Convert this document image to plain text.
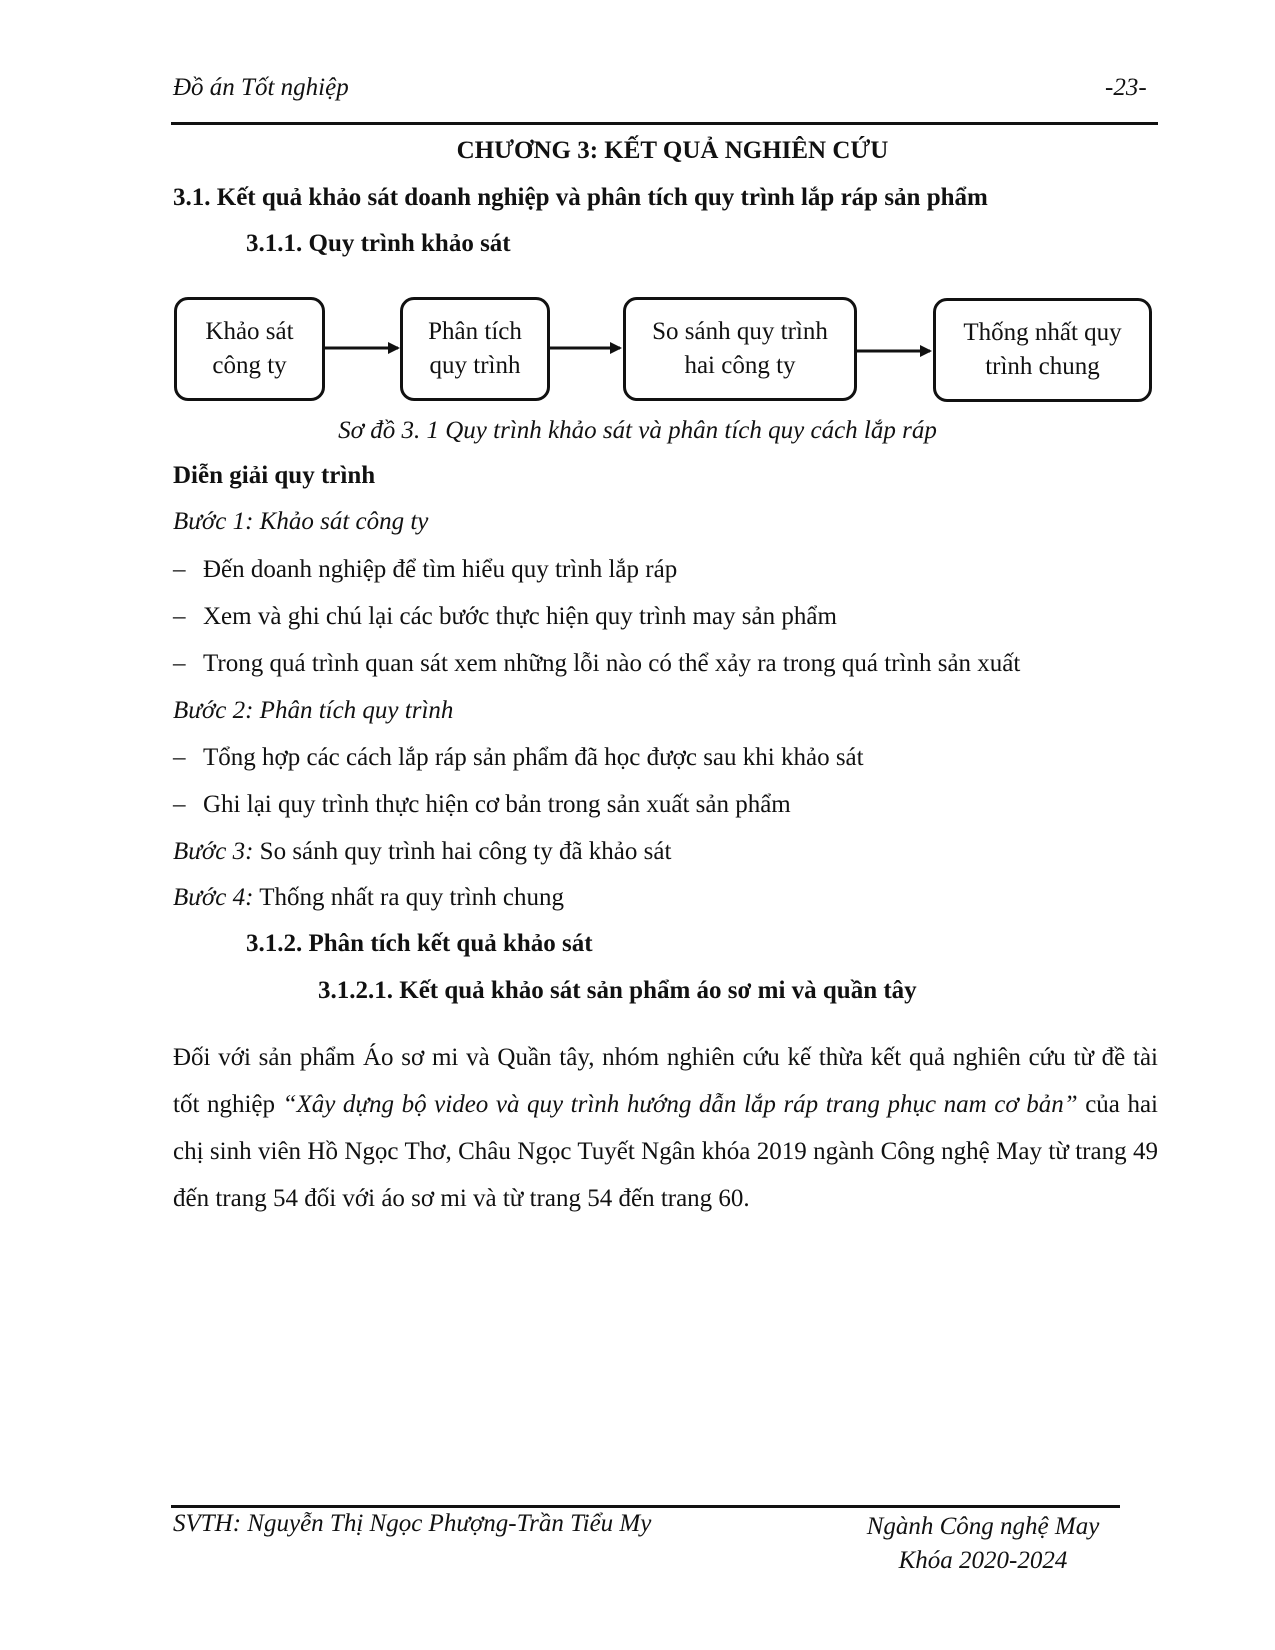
Đồ án Tốt nghiệp	-23-
CHƯƠNG 3: KẾT QUẢ NGHIÊN CỨU
3.1. Kết quả khảo sát doanh nghiệp và phân tích quy trình lắp ráp sản phẩm
3.1.1. Quy trình khảo sát
Khảo sát
công ty
Phân tích
quy trình
So sánh quy trình
hai công ty
Thống nhất quy
trình chung
Sơ đồ 3. 1 Quy trình khảo sát và phân tích quy cách lắp ráp
Diễn giải quy trình
Bước 1: Khảo sát công ty
– Đến doanh nghiệp để tìm hiểu quy trình lắp ráp
– Xem và ghi chú lại các bước thực hiện quy trình may sản phẩm
– Trong quá trình quan sát xem những lỗi nào có thể xảy ra trong quá trình sản xuất
Bước 2: Phân tích quy trình
– Tổng hợp các cách lắp ráp sản phẩm đã học được sau khi khảo sát
– Ghi lại quy trình thực hiện cơ bản trong sản xuất sản phẩm
Bước 3: So sánh quy trình hai công ty đã khảo sát
Bước 4: Thống nhất ra quy trình chung
3.1.2. Phân tích kết quả khảo sát
3.1.2.1. Kết quả khảo sát sản phẩm áo sơ mi và quần tây
Đối với sản phẩm Áo sơ mi và Quần tây, nhóm nghiên cứu kế thừa kết quả nghiên cứu từ đề tài tốt nghiệp “Xây dựng bộ video và quy trình hướng dẫn lắp ráp trang phục nam cơ bản” của hai chị sinh viên Hồ Ngọc Thơ, Châu Ngọc Tuyết Ngân khóa 2019 ngành Công nghệ May từ trang 49 đến trang 54 đối với áo sơ mi và từ trang 54 đến trang 60.
SVTH: Nguyễn Thị Ngọc Phượng-Trần Tiểu My	Ngành Công nghệ May
Khóa 2020-2024
